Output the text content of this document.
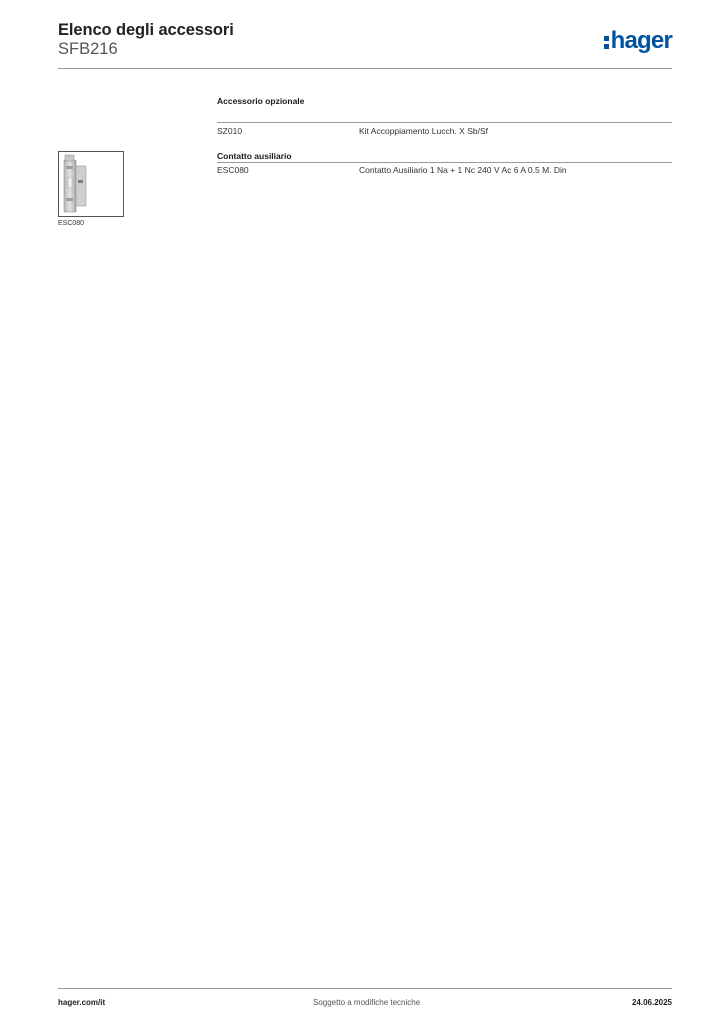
Elenco degli accessori
SFB216	hager
Accessorio opzionale
SZ010	Kit Accoppiamento Lucch. X Sb/Sf
Contatto ausiliario
ESC080	Contatto Ausiliario 1 Na + 1 Nc 240 V Ac 6 A 0.5 M. Din
ESC080
hager.com/it	Soggetto a modifiche tecniche	24.06.2025
